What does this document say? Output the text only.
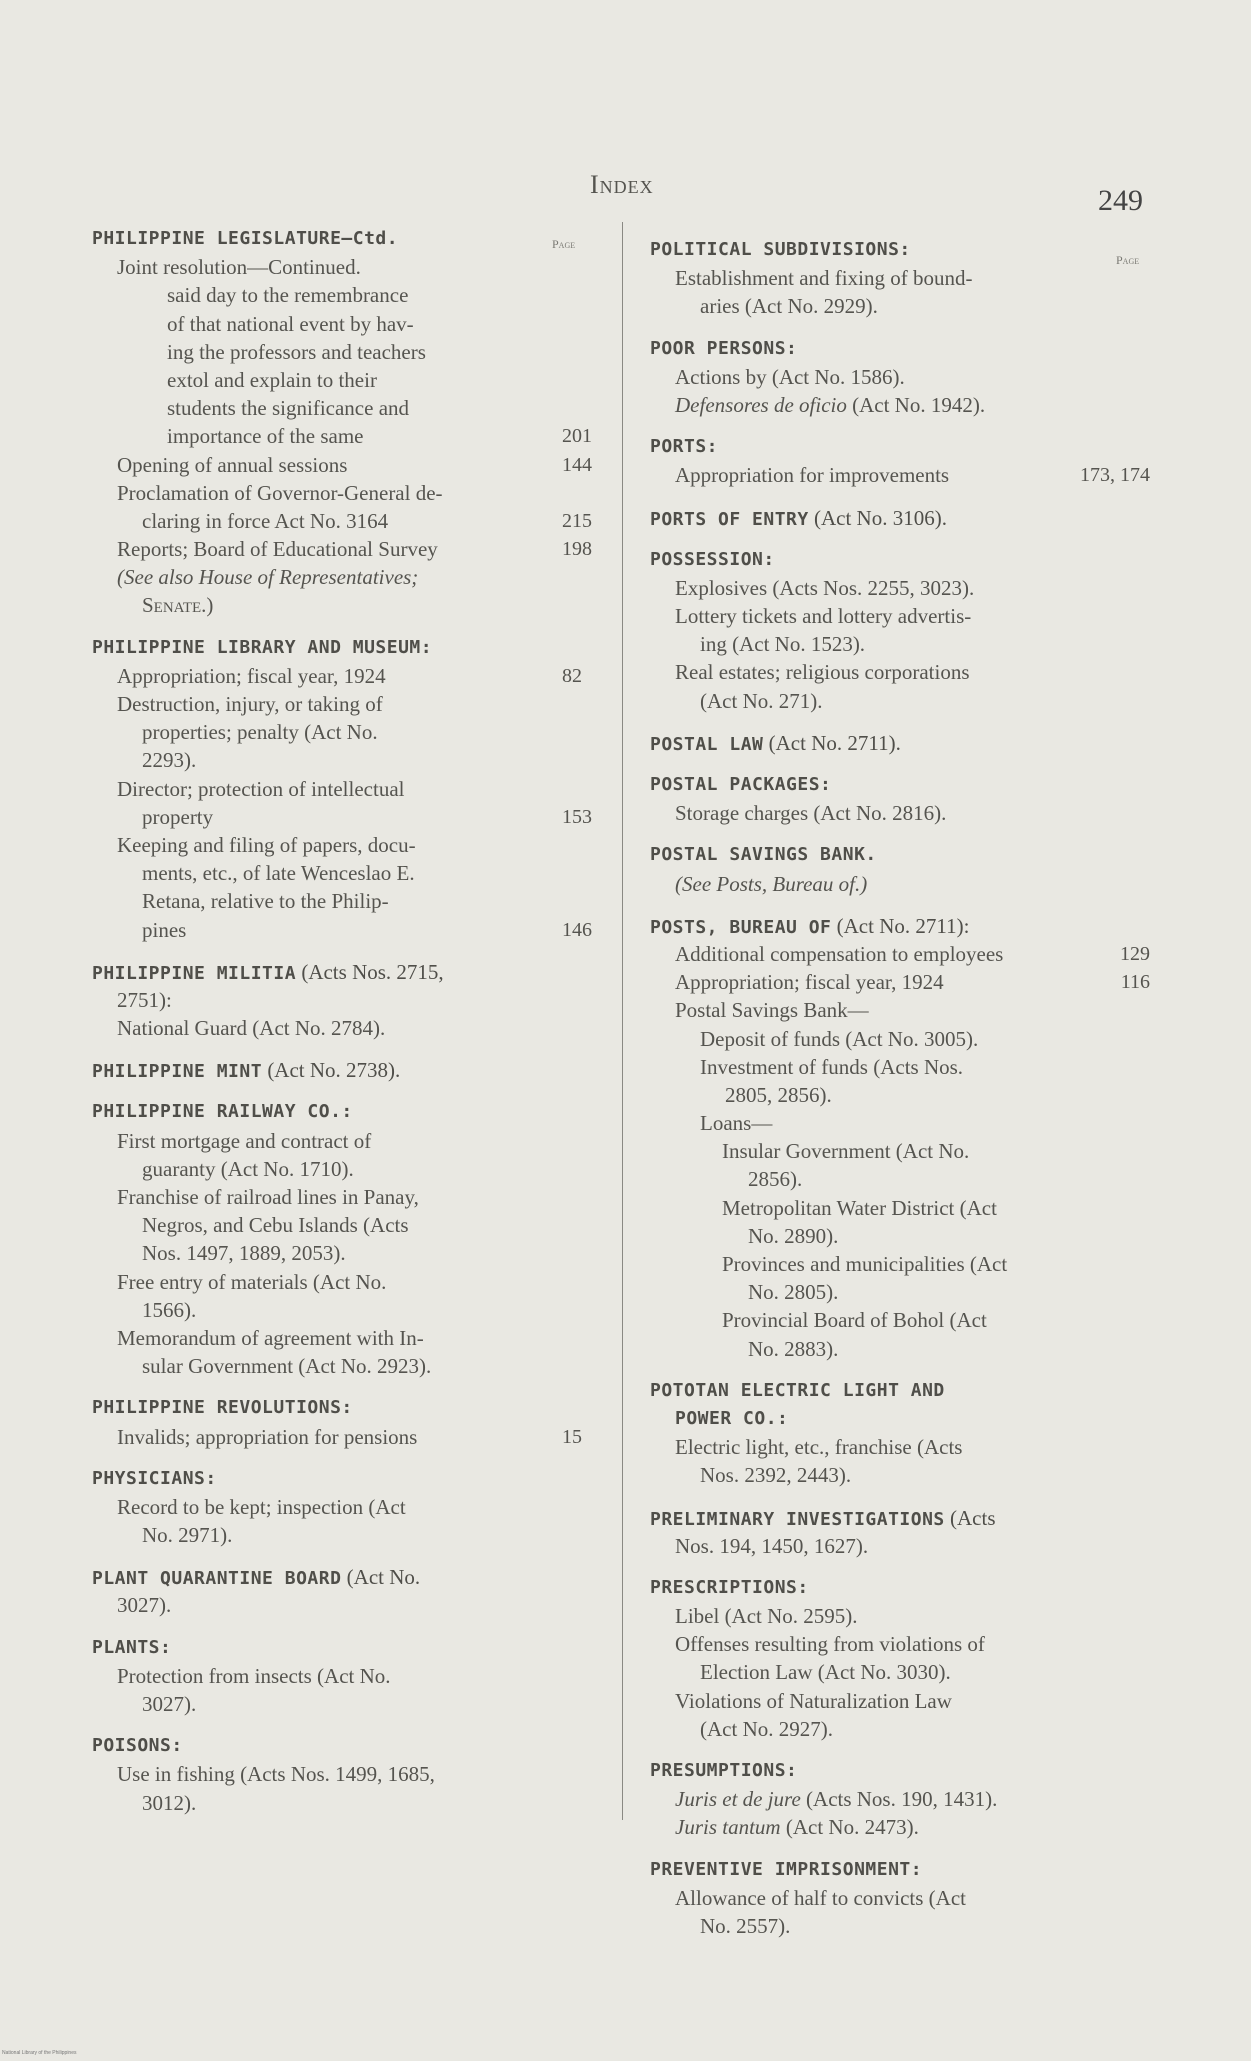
Index	249
Page
Page
PHILIPPINE LEGISLATURE—Ctd.
Joint resolution—Continued.
said day to the remembrance
of that national event by hav-
ing the professors and teachers
extol and explain to their
students the significance and
importance of the same	201
Opening of annual sessions	144
Proclamation of Governor-General de-
claring in force Act No. 3164	215
Reports; Board of Educational Survey	198
(See also House of Representatives;
Senate.)
PHILIPPINE LIBRARY AND MUSEUM:
Appropriation; fiscal year, 1924	82
Destruction, injury, or taking of
properties; penalty (Act No.
2293).
Director; protection of intellectual
property	153
Keeping and filing of papers, docu-
ments, etc., of late Wenceslao E.
Retana, relative to the Philip-
pines	146
PHILIPPINE MILITIA (Acts Nos. 2715,
2751):
National Guard (Act No. 2784).
PHILIPPINE MINT (Act No. 2738).
PHILIPPINE RAILWAY CO.:
First mortgage and contract of
guaranty (Act No. 1710).
Franchise of railroad lines in Panay,
Negros, and Cebu Islands (Acts
Nos. 1497, 1889, 2053).
Free entry of materials (Act No.
1566).
Memorandum of agreement with In-
sular Government (Act No. 2923).
PHILIPPINE REVOLUTIONS:
Invalids; appropriation for pensions	15
PHYSICIANS:
Record to be kept; inspection (Act
No. 2971).
PLANT QUARANTINE BOARD (Act No.
3027).
PLANTS:
Protection from insects (Act No.
3027).
POISONS:
Use in fishing (Acts Nos. 1499, 1685,
3012).
POLITICAL SUBDIVISIONS:
Establishment and fixing of bound-
aries (Act No. 2929).
POOR PERSONS:
Actions by (Act No. 1586).
Defensores de oficio (Act No. 1942).
PORTS:
Appropriation for improvements	173, 174
PORTS OF ENTRY (Act No. 3106).
POSSESSION:
Explosives (Acts Nos. 2255, 3023).
Lottery tickets and lottery advertis-
ing (Act No. 1523).
Real estates; religious corporations
(Act No. 271).
POSTAL LAW (Act No. 2711).
POSTAL PACKAGES:
Storage charges (Act No. 2816).
POSTAL SAVINGS BANK.
(See Posts, Bureau of.)
POSTS, BUREAU OF (Act No. 2711):
Additional compensation to employees	129
Appropriation; fiscal year, 1924	116
Postal Savings Bank—
Deposit of funds (Act No. 3005).
Investment of funds (Acts Nos.
2805, 2856).
Loans—
Insular Government (Act No.
2856).
Metropolitan Water District (Act
No. 2890).
Provinces and municipalities (Act
No. 2805).
Provincial Board of Bohol (Act
No. 2883).
POTOTAN ELECTRIC LIGHT AND
POWER CO.:
Electric light, etc., franchise (Acts
Nos. 2392, 2443).
PRELIMINARY INVESTIGATIONS (Acts
Nos. 194, 1450, 1627).
PRESCRIPTIONS:
Libel (Act No. 2595).
Offenses resulting from violations of
Election Law (Act No. 3030).
Violations of Naturalization Law
(Act No. 2927).
PRESUMPTIONS:
Juris et de jure (Acts Nos. 190, 1431).
Juris tantum (Act No. 2473).
PREVENTIVE IMPRISONMENT:
Allowance of half to convicts (Act
No. 2557).
National Library of the Philippines
